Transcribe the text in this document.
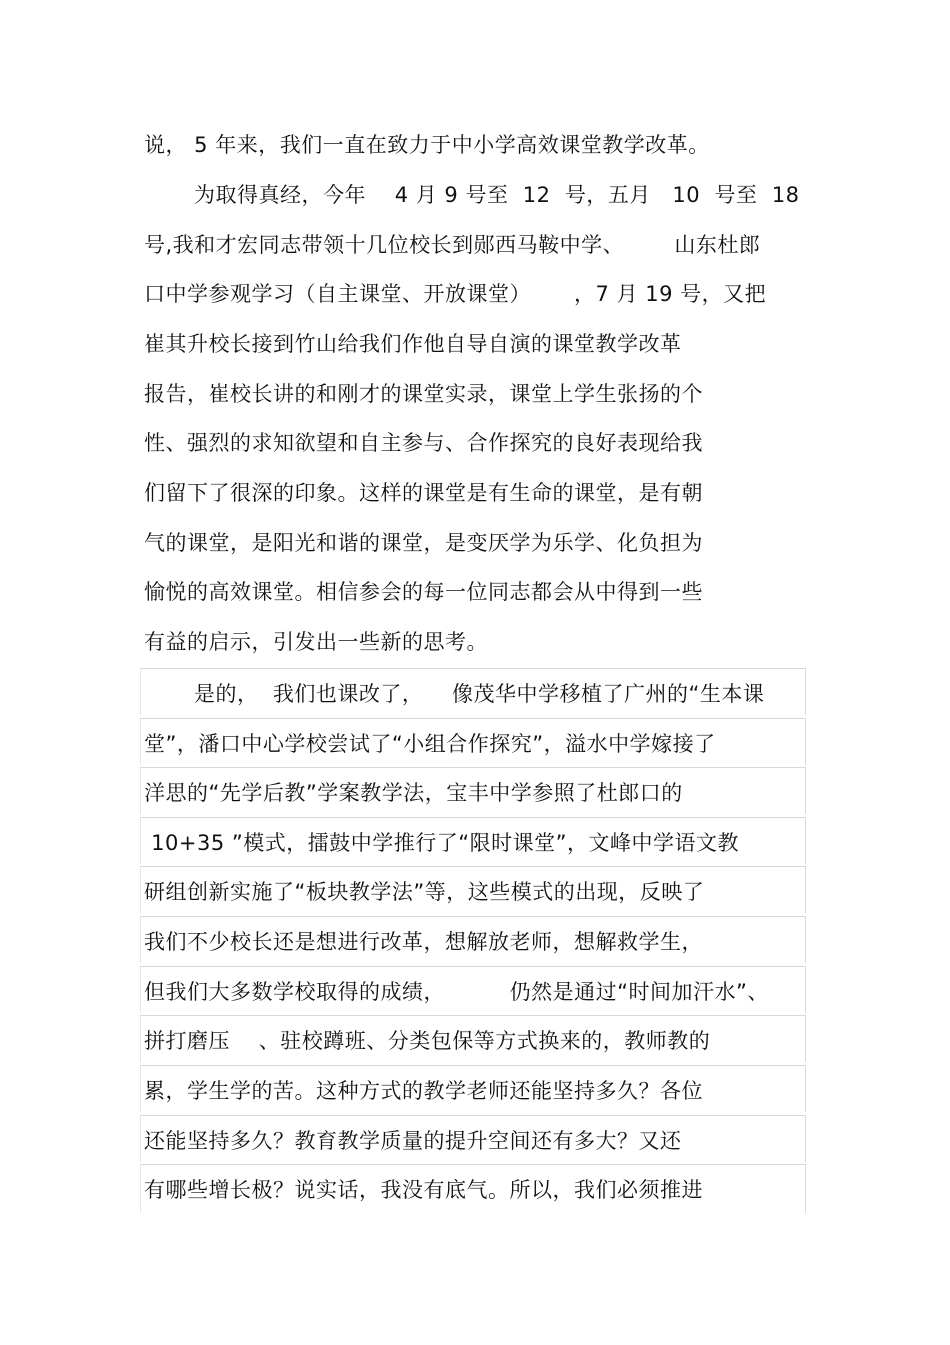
说， 5 年来，我们一直在致力于中小学高效课堂教学改革。
为取得真经，今年    4 月 9 号至  12  号，五月   10  号至  18
号,我和才宏同志带领十几位校长到郧西马鞍中学、       山东杜郎
口中学参观学习（自主课堂、开放课堂）      ，7 月 19 号，又把
崔其升校长接到竹山给我们作他自导自演的课堂教学改革
报告，崔校长讲的和刚才的课堂实录，课堂上学生张扬的个
性、强烈的求知欲望和自主参与、合作探究的良好表现给我
们留下了很深的印象。这样的课堂是有生命的课堂，是有朝
气的课堂，是阳光和谐的课堂，是变厌学为乐学、化负担为
愉悦的高效课堂。相信参会的每一位同志都会从中得到一些
有益的启示，引发出一些新的思考。
是的，  我们也课改了，    像茂华中学移植了广州的“生本课
堂”，潘口中心学校尝试了“小组合作探究”，溢水中学嫁接了
洋思的“先学后教”学案教学法，宝丰中学参照了杜郎口的
10+35 ”模式，擂鼓中学推行了“限时课堂”，文峰中学语文教
研组创新实施了“板块教学法”等，这些模式的出现，反映了
我们不少校长还是想进行改革，想解放老师，想解救学生，
但我们大多数学校取得的成绩，         仍然是通过“时间加汗水”、
拼打磨压    、驻校蹲班、分类包保等方式换来的，教师教的
累，学生学的苦。这种方式的教学老师还能坚持多久？各位
还能坚持多久？教育教学质量的提升空间还有多大？又还
有哪些增长极？说实话，我没有底气。所以，我们必须推进
